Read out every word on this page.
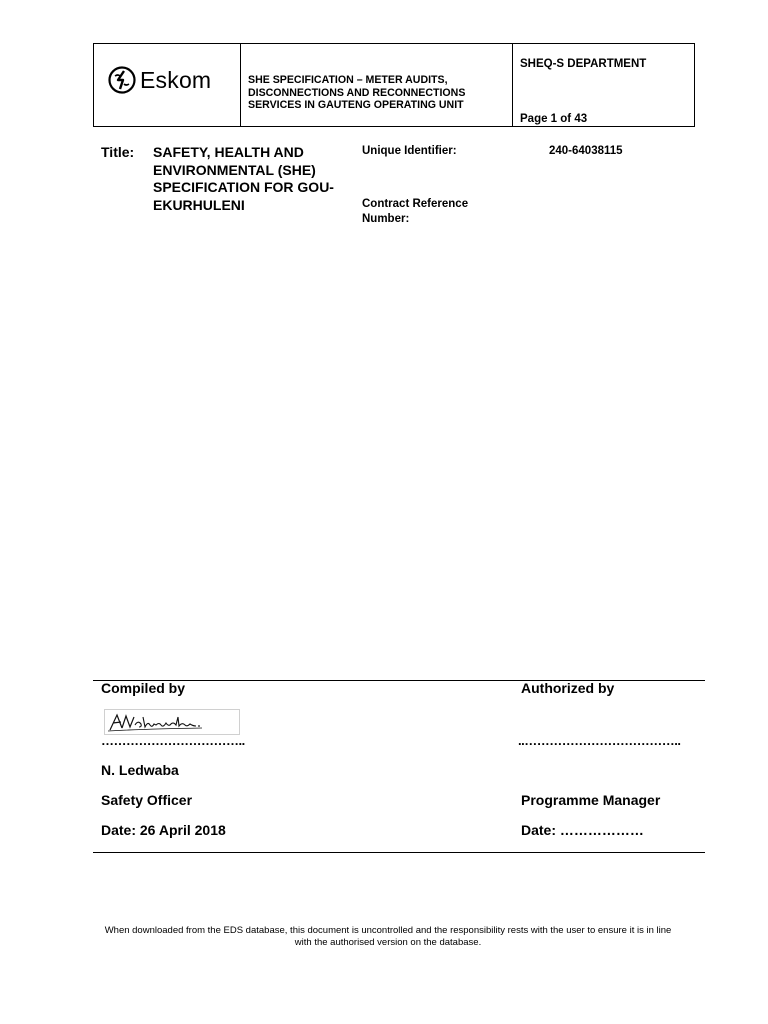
Eskom	SHE SPECIFICATION – METER AUDITS, DISCONNECTIONS AND RECONNECTIONS SERVICES IN GAUTENG OPERATING UNIT
SHEQ-S DEPARTMENT
Page 1 of 43
Title: SAFETY, HEALTH AND ENVIRONMENTAL (SHE) SPECIFICATION FOR GOU-EKURHULENI
Unique Identifier:	240-64038115
Contract Reference Number:
Compiled by	Authorized by
……………………………..	..………………………………..
N. Ledwaba
Safety Officer	Programme Manager
Date: 26 April 2018	Date: ………………
When downloaded from the EDS database, this document is uncontrolled and the responsibility rests with the user to ensure it is in line with the authorised version on the database.
